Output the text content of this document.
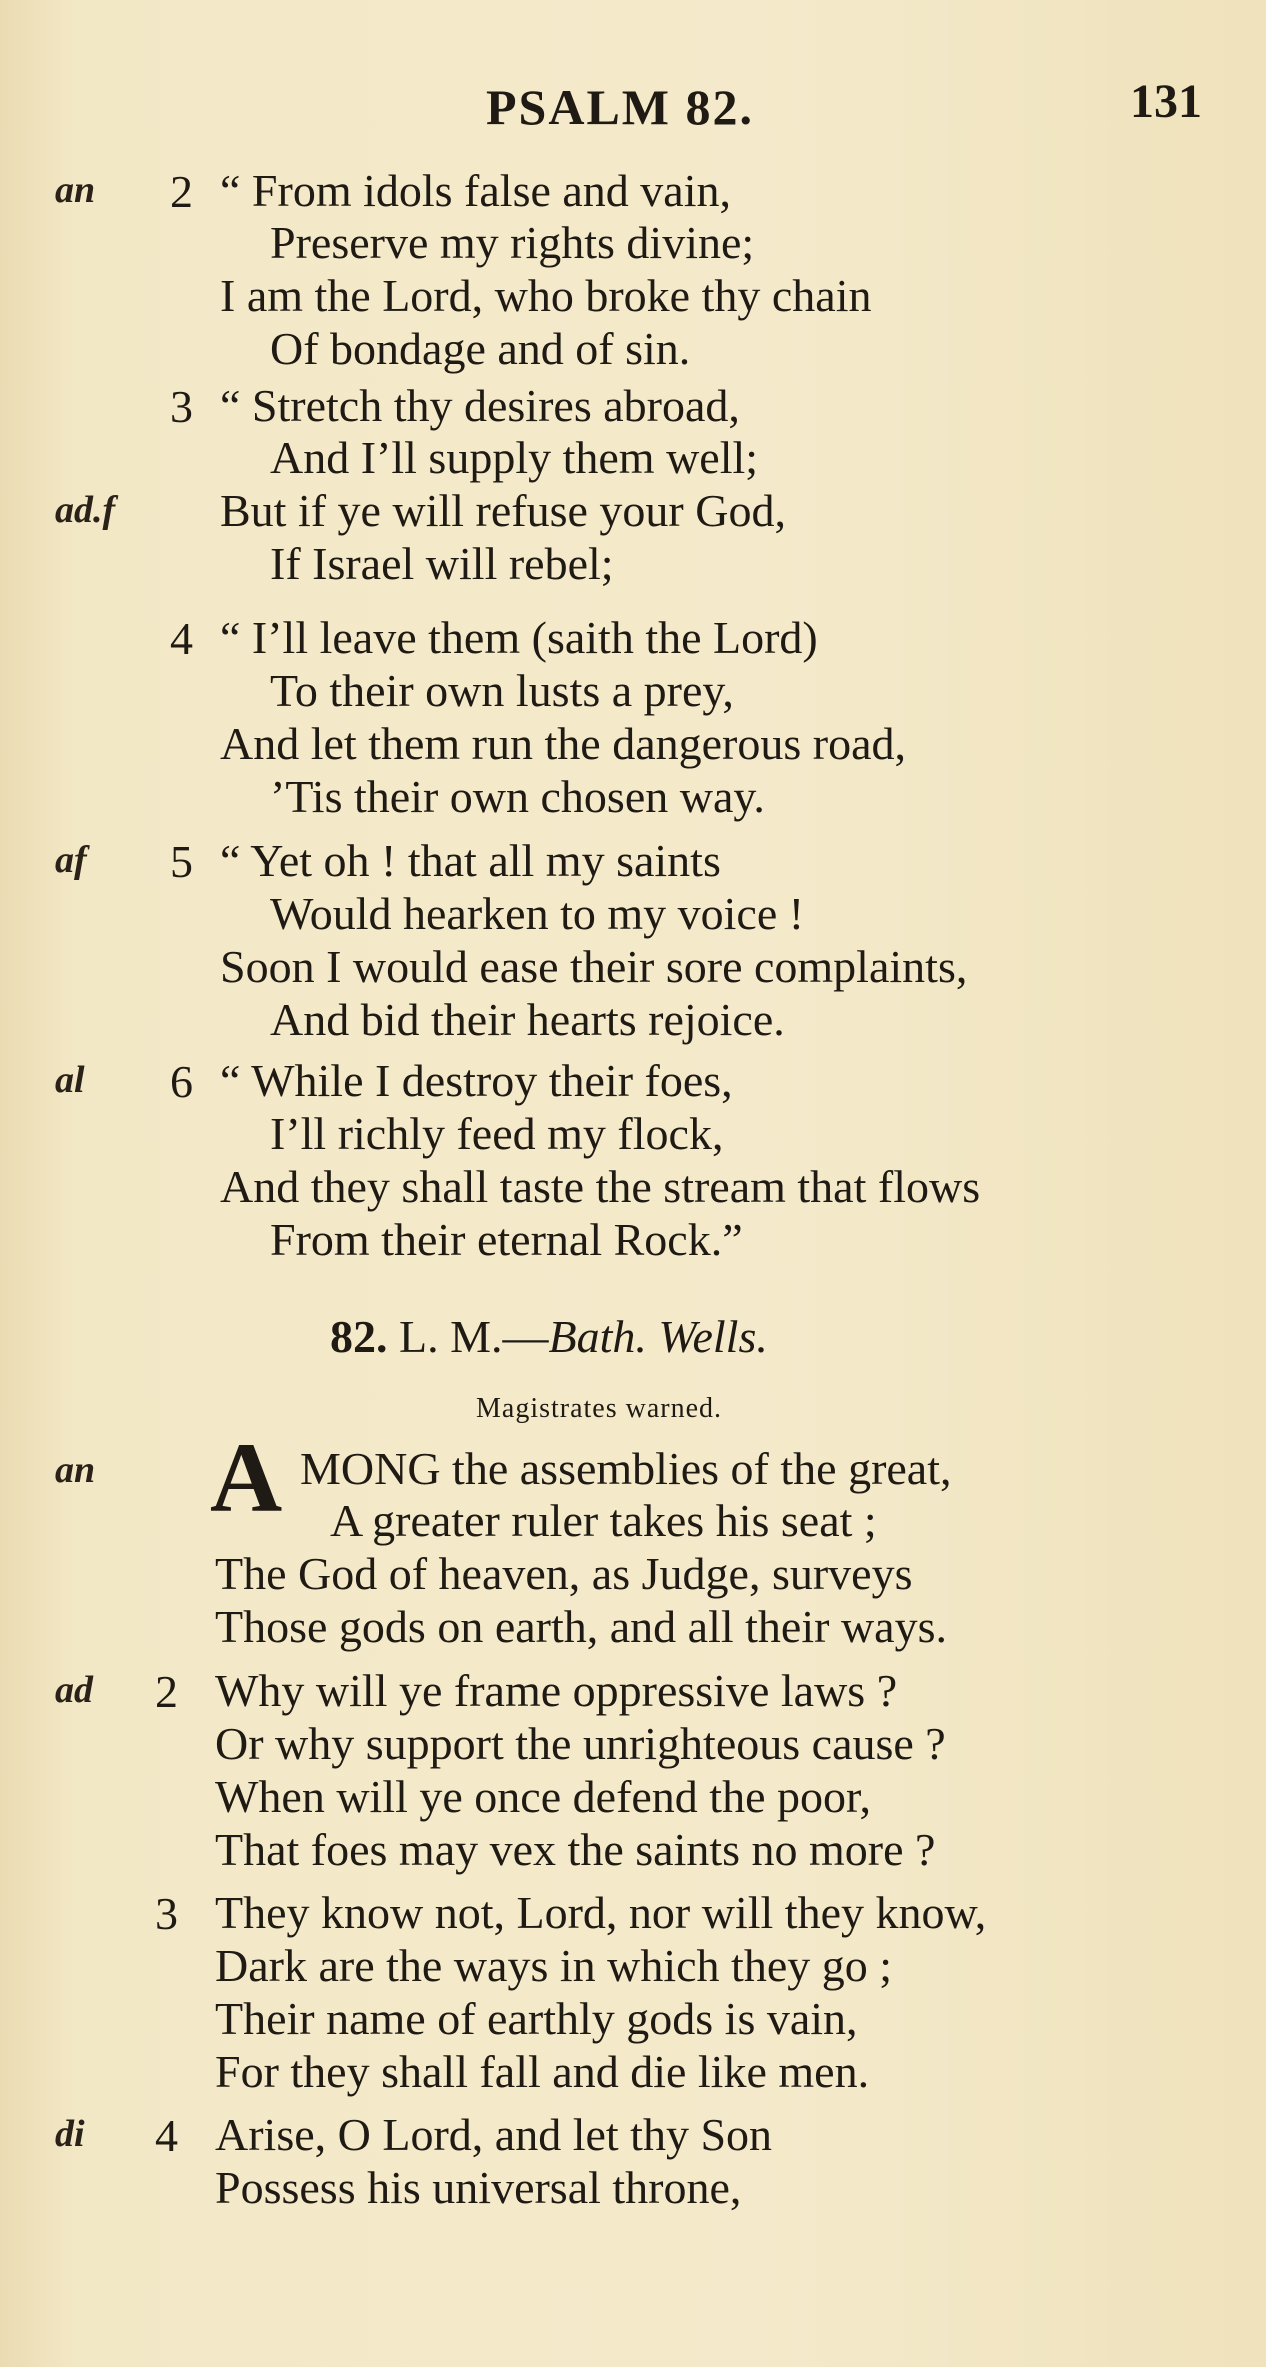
PSALM 82.	131
an 2 “ From idols false and vain,
Preserve my rights divine;
I am the Lord, who broke thy chain
Of bondage and of sin.
3 “ Stretch thy desires abroad,
And I’ll supply them well;
ad.f But if ye will refuse your God,
If Israel will rebel;
4 “ I’ll leave them (saith the Lord)
To their own lusts a prey,
And let them run the dangerous road,
’Tis their own chosen way.
af 5 “ Yet oh ! that all my saints
Would hearken to my voice !
Soon I would ease their sore complaints,
And bid their hearts rejoice.
al 6 “ While I destroy their foes,
I’ll richly feed my flock,
And they shall taste the stream that flows
From their eternal Rock.”
82. L. M.—Bath. Wells.
Magistrates warned.
an A MONG the assemblies of the great,
A greater ruler takes his seat ;
The God of heaven, as Judge, surveys
Those gods on earth, and all their ways.
ad 2 Why will ye frame oppressive laws ?
Or why support the unrighteous cause ?
When will ye once defend the poor,
That foes may vex the saints no more ?
3 They know not, Lord, nor will they know,
Dark are the ways in which they go ;
Their name of earthly gods is vain,
For they shall fall and die like men.
di 4 Arise, O Lord, and let thy Son
Possess his universal throne,
